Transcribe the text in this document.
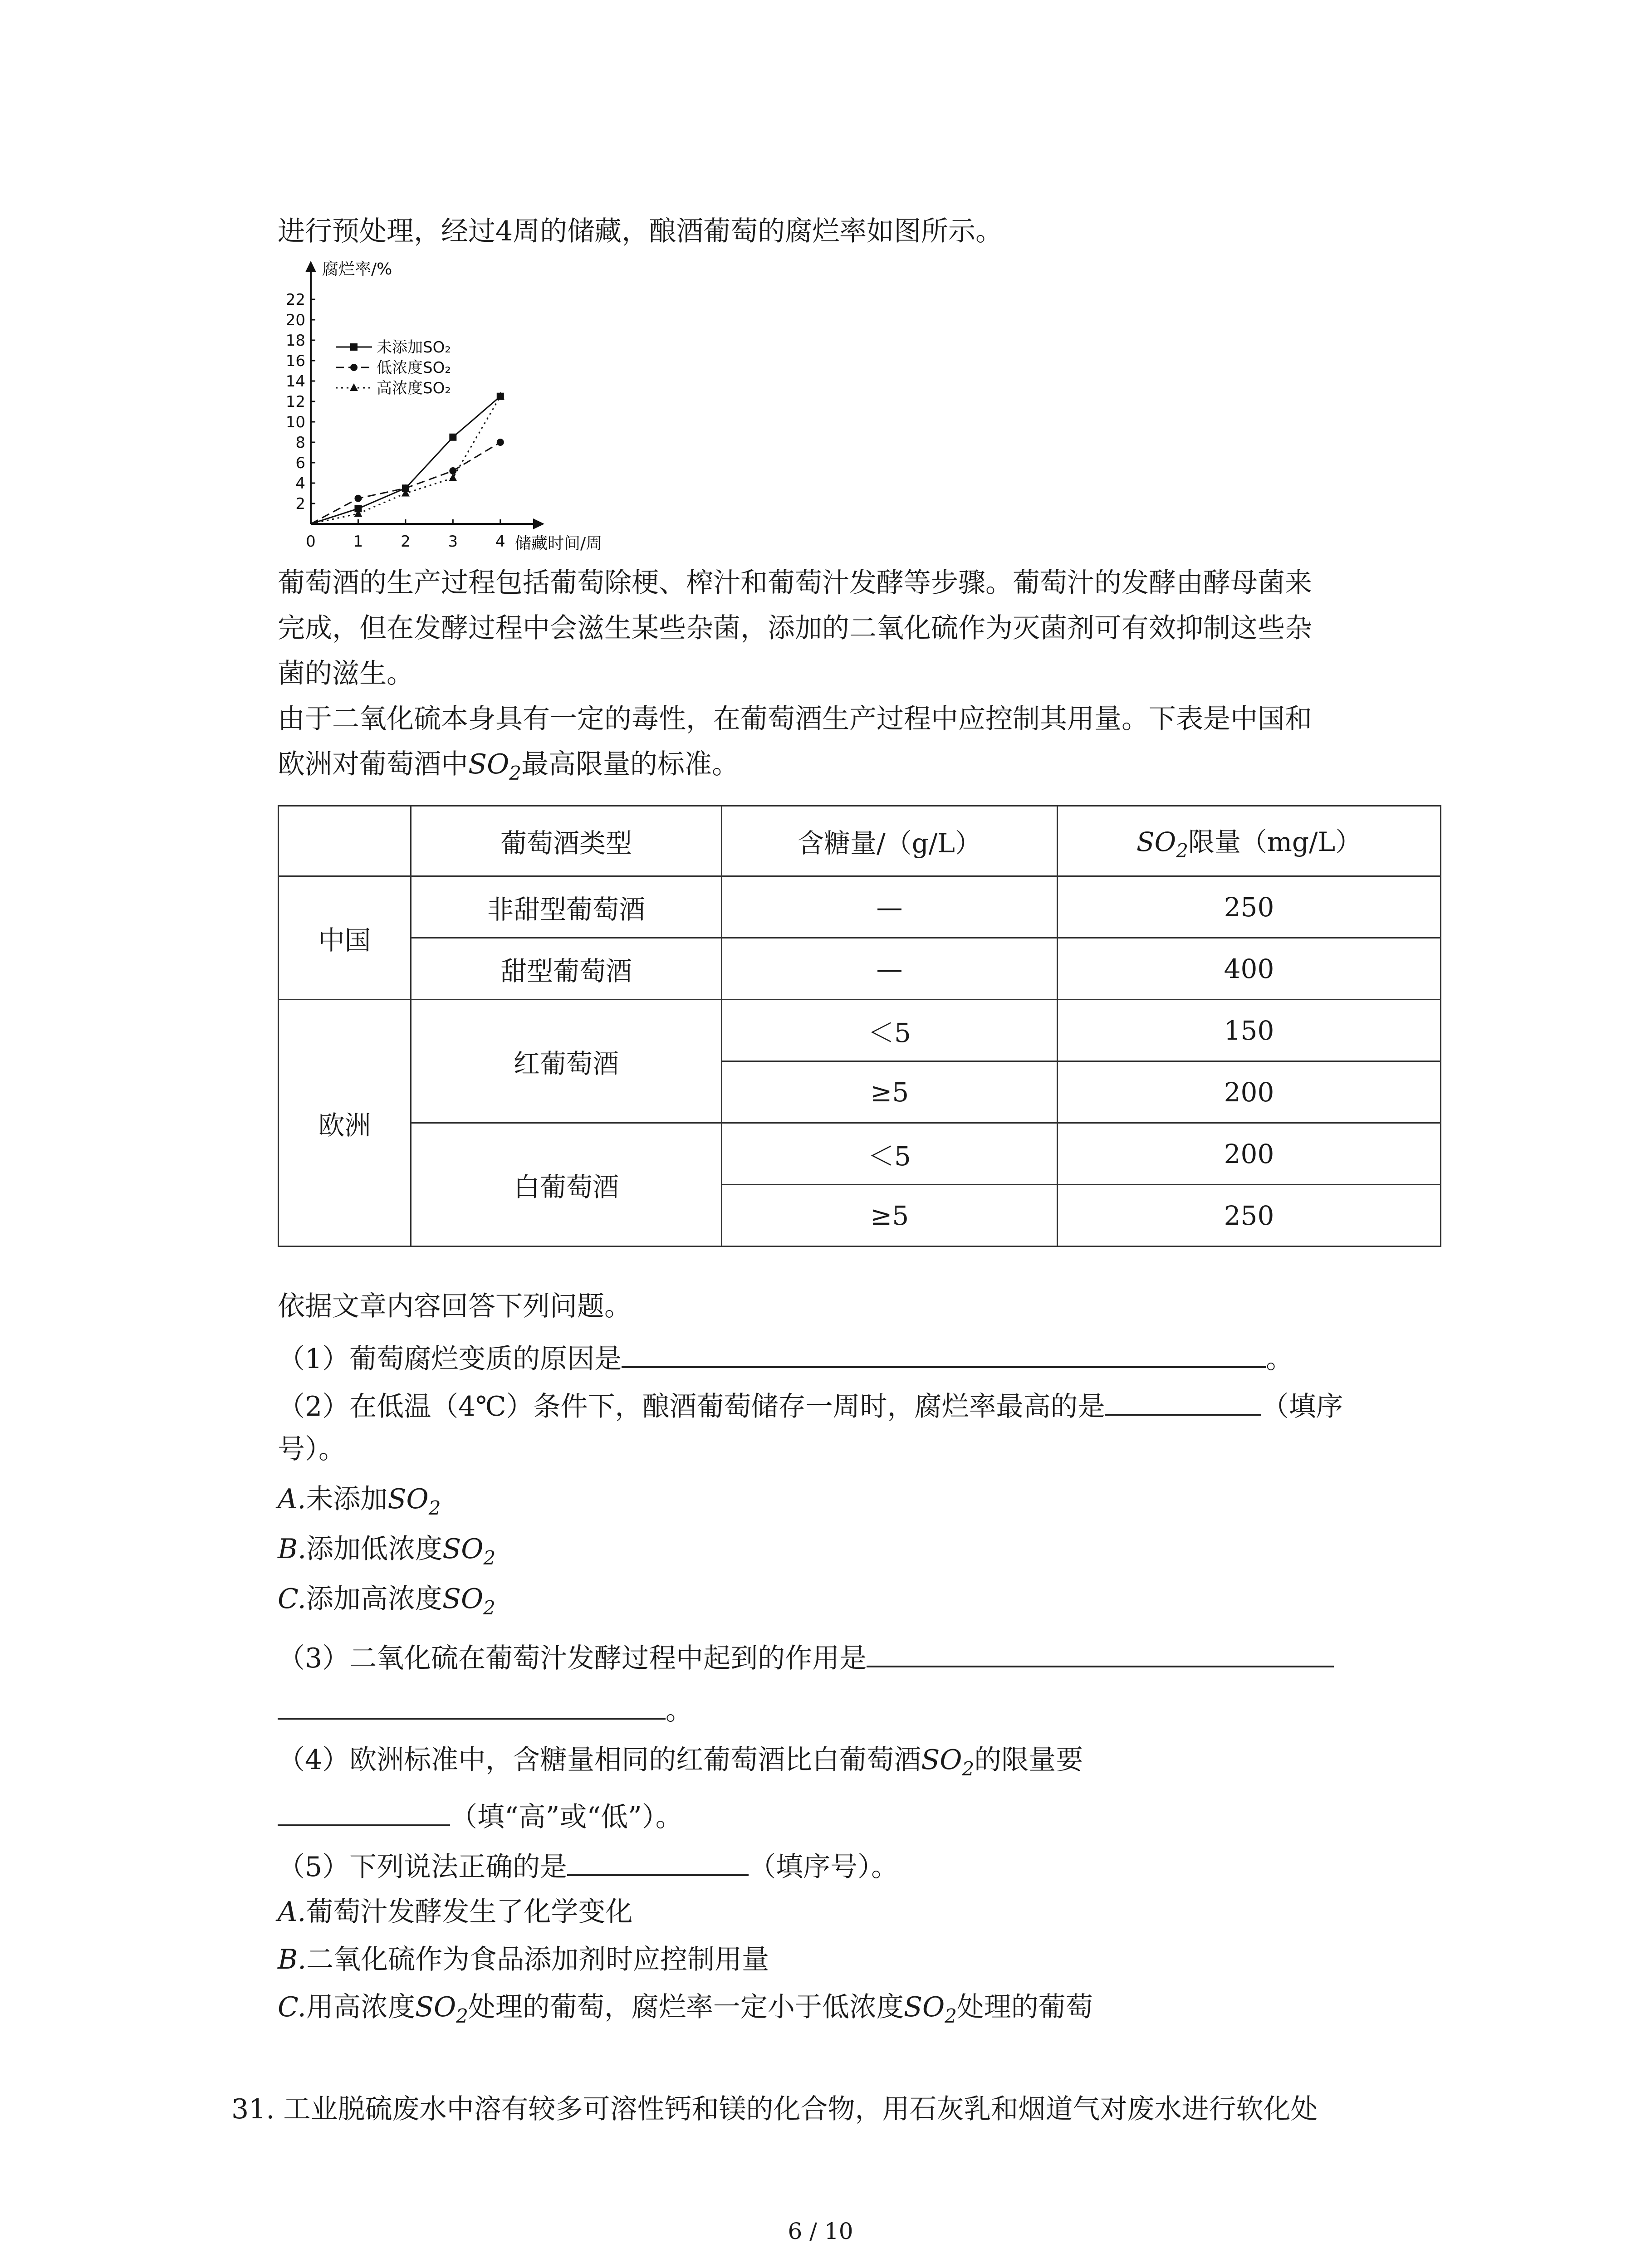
进行预处理，经过4周的储藏，酿酒葡萄的腐烂率如图所示。
腐烂率/%
储藏时间/周
2
4
6
8
10
12
14
16
18
20
22
0 1 2 3 4
未添加SO₂
低浓度SO₂
高浓度SO₂
葡萄酒的生产过程包括葡萄除梗、榨汁和葡萄汁发酵等步骤。葡萄汁的发酵由酵母菌来
完成，但在发酵过程中会滋生某些杂菌，添加的二氧化硫作为灭菌剂可有效抑制这些杂
菌的滋生。
由于二氧化硫本身具有一定的毒性，在葡萄酒生产过程中应控制其用量。下表是中国和
欧洲对葡萄酒中$SO_2$最高限量的标准。
	葡萄酒类型	含糖量/（g/L）	$SO_2$限量（mg/L）
中国	非甜型葡萄酒	—	250
	甜型葡萄酒	—	400
欧洲	红葡萄酒	＜5	150
		≥5	200
	白葡萄酒	＜5	200
		≥5	250
依据文章内容回答下列问题。
（1）葡萄腐烂变质的原因是	。
（2）在低温（4℃）条件下，酿酒葡萄储存一周时，腐烂率最高的是	（填序
号）。
A.未添加$SO_2$
B.添加低浓度$SO_2$
C.添加高浓度$SO_2$
（3）二氧化硫在葡萄汁发酵过程中起到的作用是
。
（4）欧洲标准中，含糖量相同的红葡萄酒比白葡萄酒$SO_2$的限量要
（填“高”或“低”）。
（5）下列说法正确的是	（填序号）。
A.葡萄汁发酵发生了化学变化
B.二氧化硫作为食品添加剂时应控制用量
C.用高浓度$SO_2$处理的葡萄，腐烂率一定小于低浓度$SO_2$处理的葡萄
31. 工业脱硫废水中溶有较多可溶性钙和镁的化合物，用石灰乳和烟道气对废水进行软化处
6 / 10
